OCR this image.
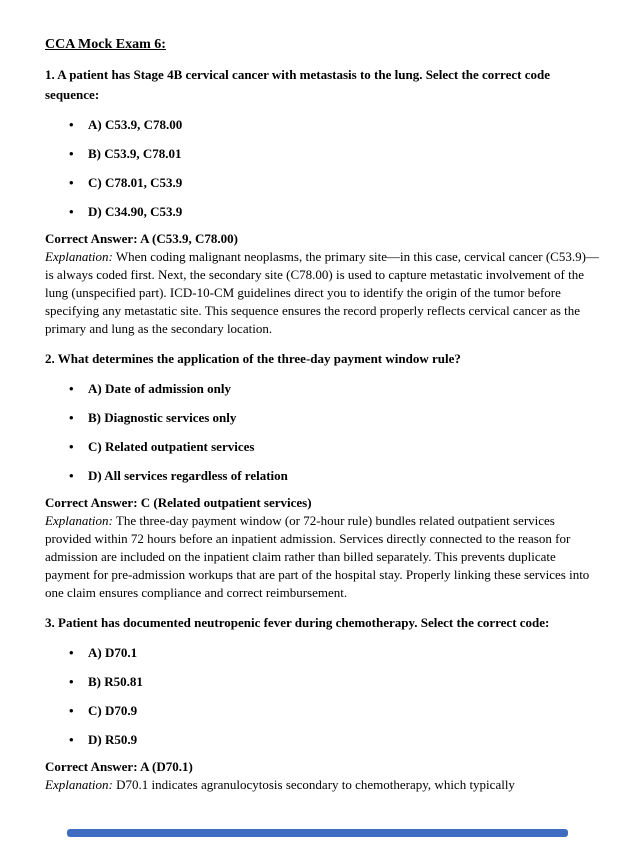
CCA Mock Exam 6:

1. A patient has Stage 4B cervical cancer with metastasis to the lung. Select the correct code sequence:

• A) C53.9, C78.00
• B) C53.9, C78.01
• C) C78.01, C53.9
• D) C34.90, C53.9

Correct Answer: A (C53.9, C78.00)

Explanation: When coding malignant neoplasms, the primary site—in this case, cervical cancer (C53.9)—is always coded first. Next, the secondary site (C78.00) is used to capture metastatic involvement of the lung (unspecified part). ICD-10-CM guidelines direct you to identify the origin of the tumor before specifying any metastatic site. This sequence ensures the record properly reflects cervical cancer as the primary and lung as the secondary location.

2. What determines the application of the three-day payment window rule?

• A) Date of admission only
• B) Diagnostic services only
• C) Related outpatient services
• D) All services regardless of relation

Correct Answer: C (Related outpatient services)

Explanation: The three-day payment window (or 72-hour rule) bundles related outpatient services provided within 72 hours before an inpatient admission. Services directly connected to the reason for admission are included on the inpatient claim rather than billed separately. This prevents duplicate payment for pre-admission workups that are part of the hospital stay. Properly linking these services into one claim ensures compliance and correct reimbursement.

3. Patient has documented neutropenic fever during chemotherapy. Select the correct code:

• A) D70.1
• B) R50.81
• C) D70.9
• D) R50.9

Correct Answer: A (D70.1)

Explanation: D70.1 indicates agranulocytosis secondary to chemotherapy, which typically
